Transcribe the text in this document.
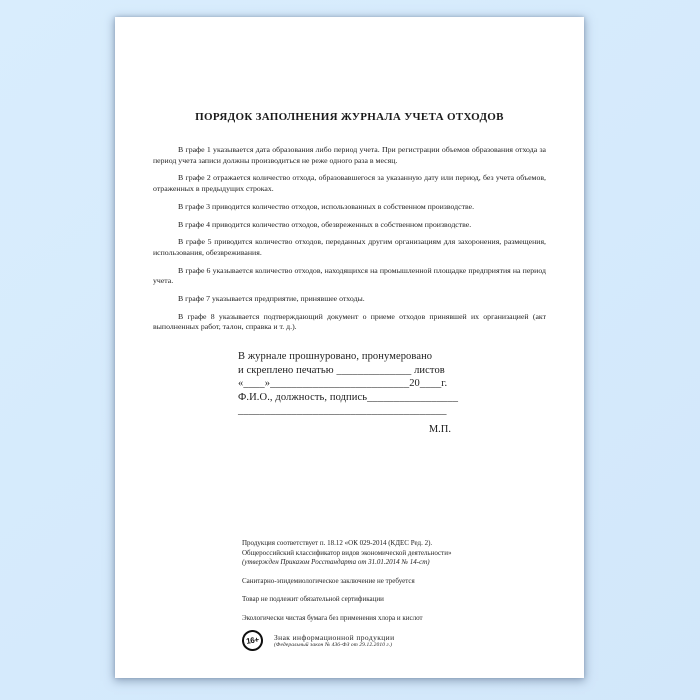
ПОРЯДОК ЗАПОЛНЕНИЯ ЖУРНАЛА УЧЕТА ОТХОДОВ

В графе 1 указывается дата образования либо период учета. При регистрации объемов образования отхода за период учета записи должны производиться не реже одного раза в месяц.

В графе 2 отражается количество отхода, образовавшегося за указанную дату или период, без учета объемов, отраженных в предыдущих строках.

В графе 3 приводится количество отходов, использованных в собственном производстве.

В графе 4 приводится количество отходов, обезвреженных в собственном производстве.

В графе 5 приводится количество отходов, переданных другим организациям для захоронения, размещения, использования, обезвреживания.

В графе 6 указывается количество отходов, находящихся на промышленной площадке предприятия на период учета.

В графе 7 указывается предприятие, принявшее отходы.

В графе 8 указывается подтверждающий документ о приеме отходов принявшей их организацией (акт выполненных работ, талон, справка и т. д.).

В журнале прошнуровано, пронумеровано
и скреплено печатью ______________ листов
«____»__________________________20____г.
Ф.И.О., должность, подпись_________________
_______________________________________
М.П.
Продукция соответствует п. 18.12 «ОК 029-2014 (КДЕС Ред. 2).
Общероссийский классификатор видов экономической деятельности»
(утвержден Приказом Росстандарта от 31.01.2014 № 14-ст)
Санитарно-эпидемиологическое заключение не требуется
Товар не подлежит обязательной сертификации
Экологически чистая бумага без применения хлора и кислот
16+	Знак информационной продукции
(Федеральный закон № 436-ФЗ от 29.12.2010 г.)
